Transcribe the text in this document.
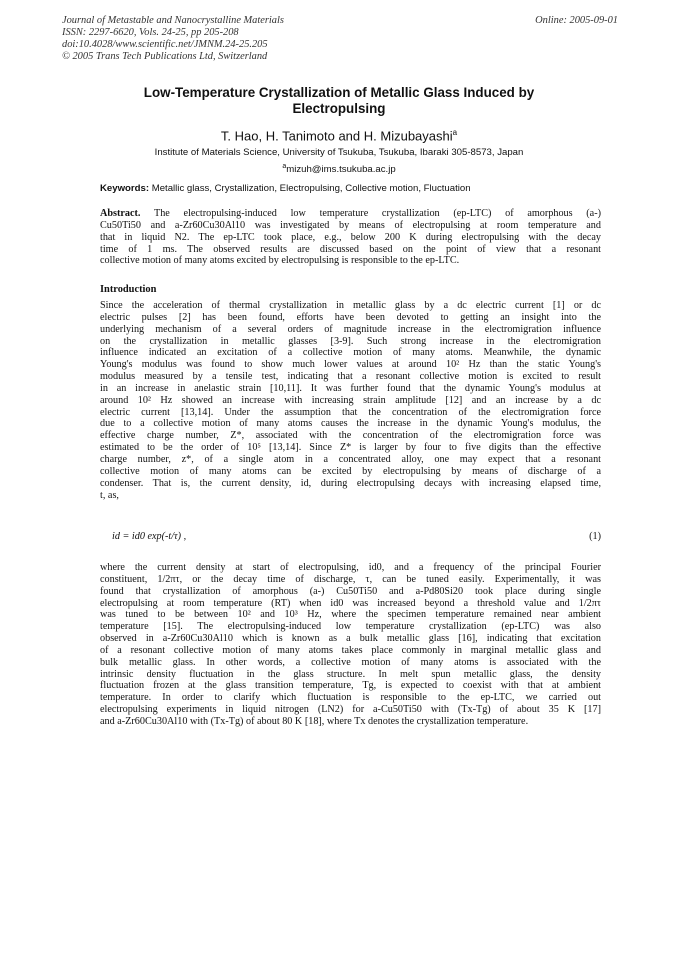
Journal of Metastable and Nanocrystalline Materials
ISSN: 2297-6620, Vols. 24-25, pp 205-208
doi:10.4028/www.scientific.net/JMNM.24-25.205
© 2005 Trans Tech Publications Ltd, Switzerland
Online: 2005-09-01
Low-Temperature Crystallization of Metallic Glass Induced by
Electropulsing
T. Hao, H. Tanimoto and H. Mizubayashi$^a$
Institute of Materials Science, University of Tsukuba, Tsukuba, Ibaraki 305-8573, Japan
$^a$mizuh@ims.tsukuba.ac.jp
Keywords: Metallic glass, Crystallization, Electropulsing, Collective motion, Fluctuation
Abstract. The electropulsing-induced low temperature crystallization (ep-LTC) of amorphous (a-)
Cu50Ti50 and a-Zr60Cu30Al10 was investigated by means of electropulsing at room temperature and
that in liquid N2. The ep-LTC took place, e.g., below 200 K during electropulsing with the decay
time of 1 ms. The observed results are discussed based on the point of view that a resonant
collective motion of many atoms excited by electropulsing is responsible to the ep-LTC.
Introduction
Since the acceleration of thermal crystallization in metallic glass by a dc electric current [1] or dc
electric pulses [2] has been found, efforts have been devoted to getting an insight into the
underlying mechanism of a several orders of magnitude increase in the electromigration influence
on the crystallization in metallic glasses [3-9]. Such strong increase in the electromigration
influence indicated an excitation of a collective motion of many atoms. Meanwhile, the dynamic
Young's modulus was found to show much lower values at around 10² Hz than the static Young's
modulus measured by a tensile test, indicating that a resonant collective motion is excited to result
in an increase in anelastic strain [10,11]. It was further found that the dynamic Young's modulus at
around 10² Hz showed an increase with increasing strain amplitude [12] and an increase by a dc
electric current [13,14]. Under the assumption that the concentration of the electromigration force
due to a collective motion of many atoms causes the increase in the dynamic Young's modulus, the
effective charge number, Z*, associated with the concentration of the electromigration force was
estimated to be the order of 10⁵ [13,14]. Since Z* is larger by four to five digits than the effective
charge number, z*, of a single atom in a concentrated alloy, one may expect that a resonant
collective motion of many atoms can be excited by electropulsing by means of discharge of a
condenser. That is, the current density, id, during electropulsing decays with increasing elapsed time,
t, as,
id = id0 exp(-t/τ) ,	(1)
where the current density at start of electropulsing, id0, and a frequency of the principal Fourier
constituent, 1/2πτ, or the decay time of discharge, τ, can be tuned easily. Experimentally, it was
found that crystallization of amorphous (a-) Cu50Ti50 and a-Pd80Si20 took place during single
electropulsing at room temperature (RT) when id0 was increased beyond a threshold value and 1/2πτ
was tuned to be between 10² and 10³ Hz, where the specimen temperature remained near ambient
temperature [15]. The electropulsing-induced low temperature crystallization (ep-LTC) was also
observed in a-Zr60Cu30Al10 which is known as a bulk metallic glass [16], indicating that excitation
of a resonant collective motion of many atoms takes place commonly in marginal metallic glass and
bulk metallic glass. In other words, a collective motion of many atoms is associated with the
intrinsic density fluctuation in the glass structure. In melt spun metallic glass, the density
fluctuation frozen at the glass transition temperature, Tg, is expected to coexist with that at ambient
temperature. In order to clarify which fluctuation is responsible to the ep-LTC, we carried out
electropulsing experiments in liquid nitrogen (LN2) for a-Cu50Ti50 with (Tx-Tg) of about 35 K [17]
and a-Zr60Cu30Al10 with (Tx-Tg) of about 80 K [18], where Tx denotes the crystallization temperature.
